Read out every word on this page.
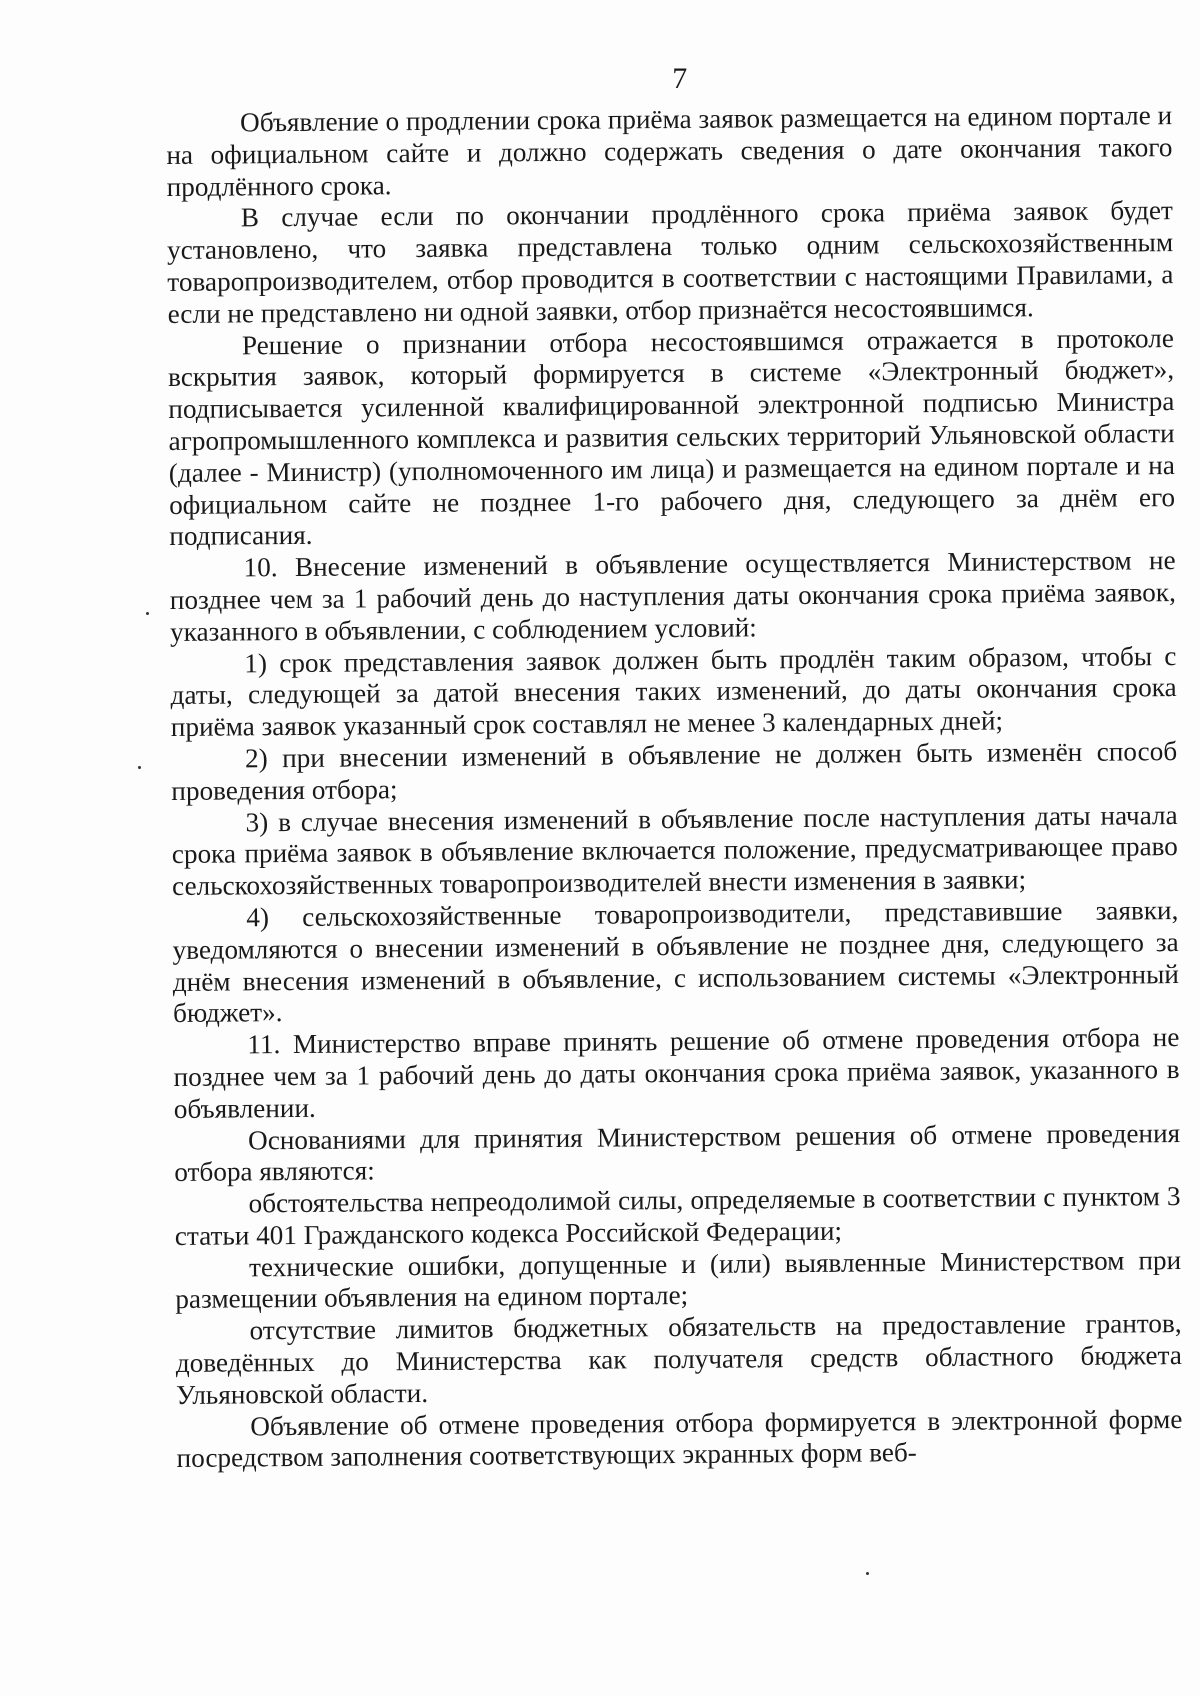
7

Объявление о продлении срока приёма заявок размещается на едином портале и на официальном сайте и должно содержать сведения о дате окончания такого продлённого срока.

В случае если по окончании продлённого срока приёма заявок будет установлено, что заявка представлена только одним сельскохозяйственным товаропроизводителем, отбор проводится в соответствии с настоящими Правилами, а если не представлено ни одной заявки, отбор признаётся несостоявшимся.

Решение о признании отбора несостоявшимся отражается в протоколе вскрытия заявок, который формируется в системе «Электронный бюджет», подписывается усиленной квалифицированной электронной подписью Министра агропромышленного комплекса и развития сельских территорий Ульяновской области (далее - Министр) (уполномоченного им лица) и размещается на едином портале и на официальном сайте не позднее 1-го рабочего дня, следующего за днём его подписания.

10. Внесение изменений в объявление осуществляется Министерством не позднее чем за 1 рабочий день до наступления даты окончания срока приёма заявок, указанного в объявлении, с соблюдением условий:

1) срок представления заявок должен быть продлён таким образом, чтобы с даты, следующей за датой внесения таких изменений, до даты окончания срока приёма заявок указанный срок составлял не менее 3 календарных дней;

2) при внесении изменений в объявление не должен быть изменён способ проведения отбора;

3) в случае внесения изменений в объявление после наступления даты начала срока приёма заявок в объявление включается положение, предусматривающее право сельскохозяйственных товаропроизводителей внести изменения в заявки;

4) сельскохозяйственные товаропроизводители, представившие заявки, уведомляются о внесении изменений в объявление не позднее дня, следующего за днём внесения изменений в объявление, с использованием системы «Электронный бюджет».

11. Министерство вправе принять решение об отмене проведения отбора не позднее чем за 1 рабочий день до даты окончания срока приёма заявок, указанного в объявлении.

Основаниями для принятия Министерством решения об отмене проведения отбора являются:

обстоятельства непреодолимой силы, определяемые в соответствии с пунктом 3 статьи 401 Гражданского кодекса Российской Федерации;

технические ошибки, допущенные и (или) выявленные Министерством при размещении объявления на едином портале;

отсутствие лимитов бюджетных обязательств на предоставление грантов, доведённых до Министерства как получателя средств областного бюджета Ульяновской области.

Объявление об отмене проведения отбора формируется в электронной форме посредством заполнения соответствующих экранных форм веб-
